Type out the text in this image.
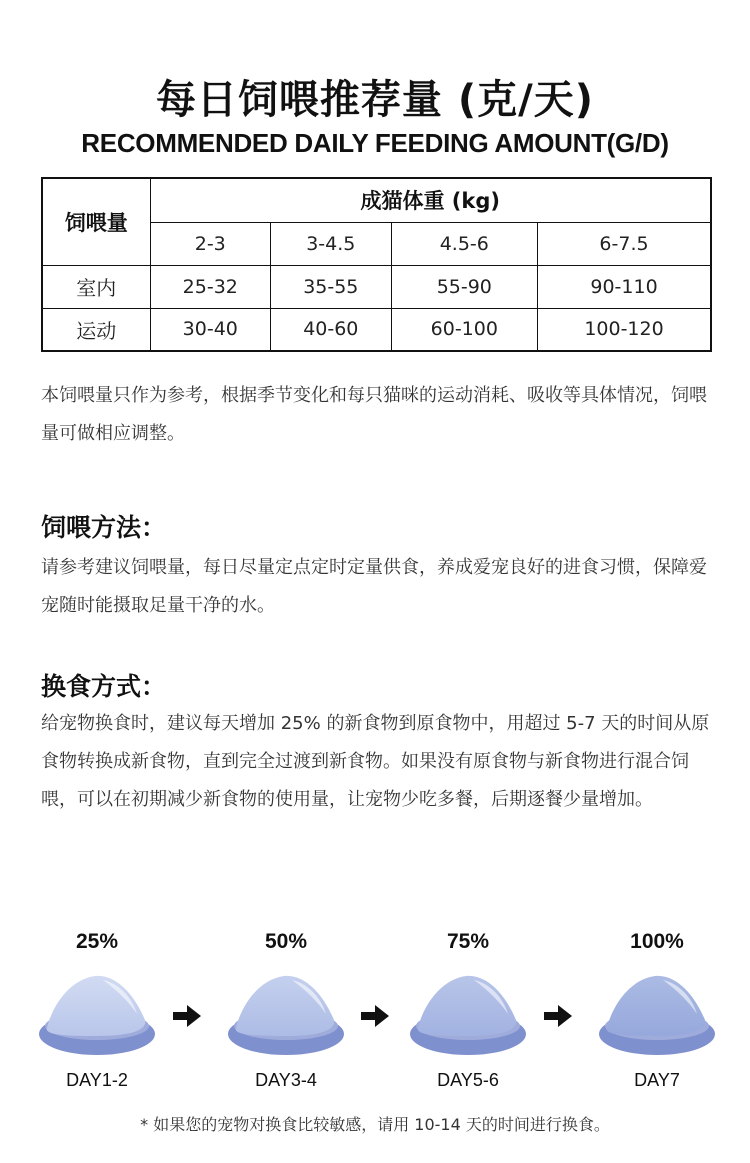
每日饲喂推荐量 (克/天)
RECOMMENDED DAILY FEEDING AMOUNT(G/D)
饲喂量	成猫体重 (kg)			
	2-3	3-4.5	4.5-6	6-7.5
室内	25-32	35-55	55-90	90-110
运动	30-40	40-60	60-100	100-120

本饲喂量只作为参考，根据季节变化和每只猫咪的运动消耗、吸收等具体情况，饲喂量可做相应调整。

饲喂方法：

请参考建议饲喂量，每日尽量定点定时定量供食，养成爱宠良好的进食习惯，保障爱宠随时能摄取足量干净的水。

换食方式：

给宠物换食时，建议每天增加 25% 的新食物到原食物中，用超过 5-7 天的时间从原食物转换成新食物，直到完全过渡到新食物。如果没有原食物与新食物进行混合饲喂，可以在初期减少新食物的使用量，让宠物少吃多餐，后期逐餐少量增加。

25%
DAY1-2
50%
DAY3-4
75%
DAY5-6
100%
DAY7
* 如果您的宠物对换食比较敏感，请用 10-14 天的时间进行换食。
